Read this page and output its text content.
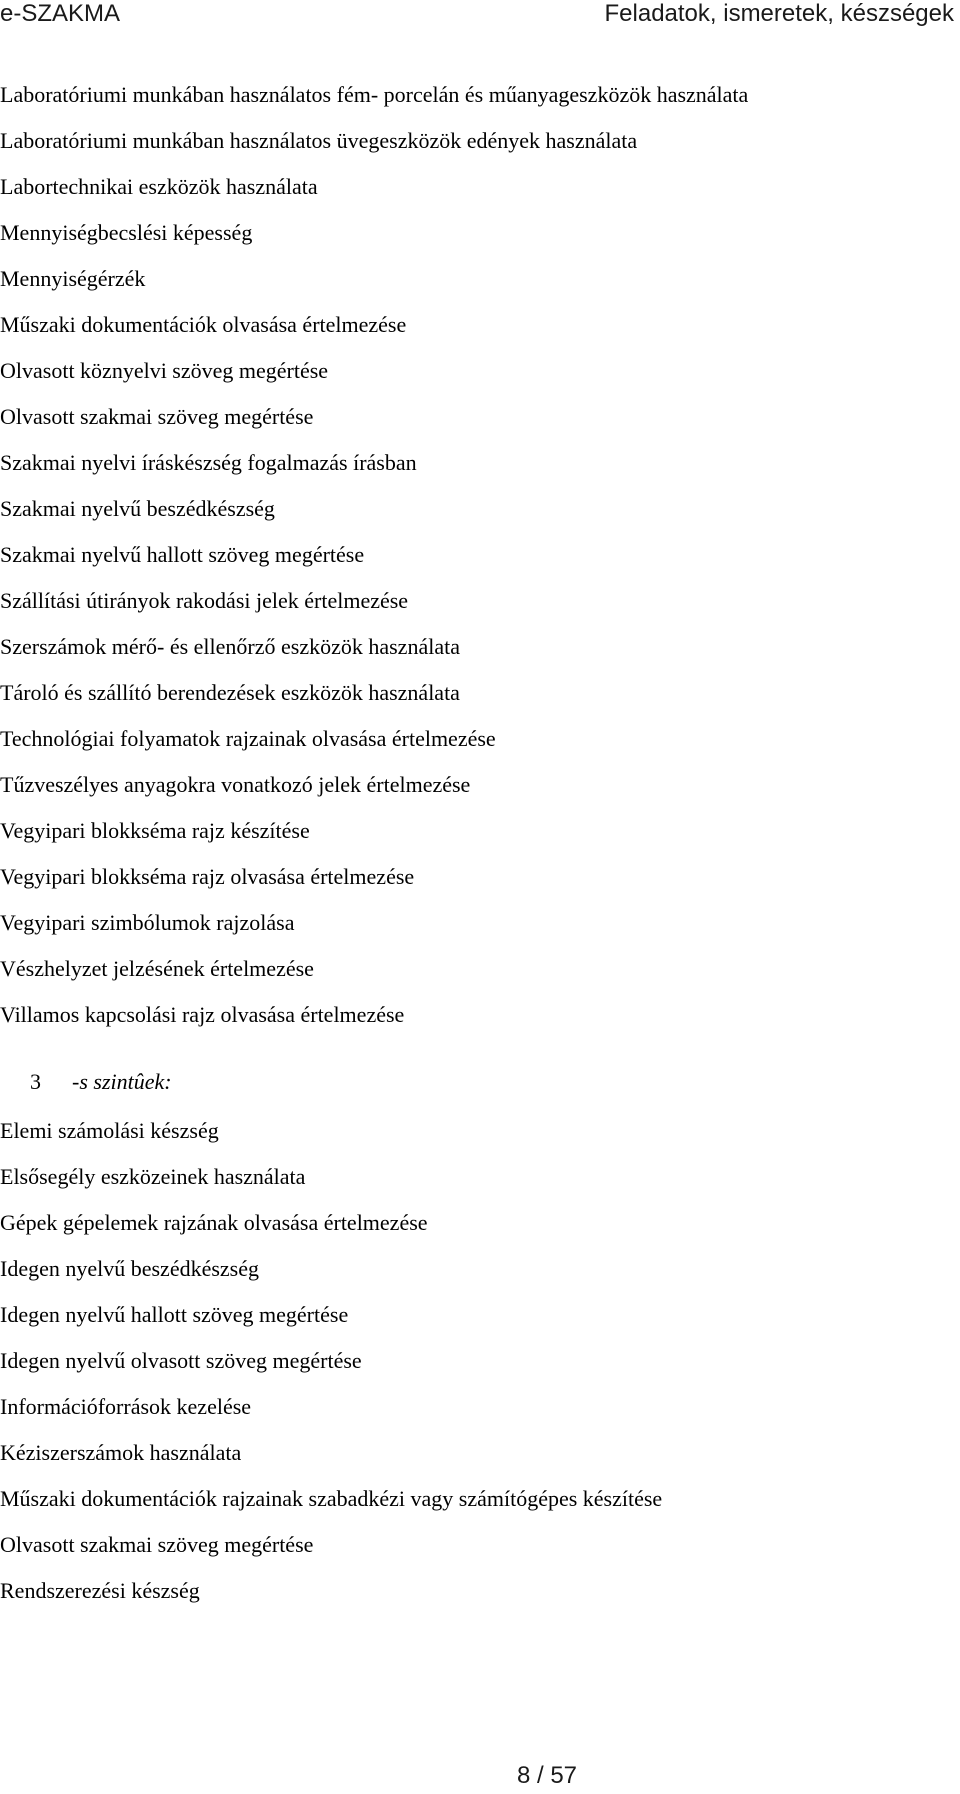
e-SZAKMA	Feladatok, ismeretek, készségek
Laboratóriumi munkában használatos fém- porcelán és műanyageszközök használata
Laboratóriumi munkában használatos üvegeszközök edények használata
Labortechnikai eszközök használata
Mennyiségbecslési képesség
Mennyiségérzék
Műszaki dokumentációk olvasása értelmezése
Olvasott köznyelvi szöveg megértése
Olvasott szakmai szöveg megértése
Szakmai nyelvi íráskészség fogalmazás írásban
Szakmai nyelvű beszédkészség
Szakmai nyelvű hallott szöveg megértése
Szállítási útirányok rakodási jelek értelmezése
Szerszámok mérő- és ellenőrző eszközök használata
Tároló és szállító berendezések eszközök használata
Technológiai folyamatok rajzainak olvasása értelmezése
Tűzveszélyes anyagokra vonatkozó jelek értelmezése
Vegyipari blokkséma rajz készítése
Vegyipari blokkséma rajz olvasása értelmezése
Vegyipari szimbólumok rajzolása
Vészhelyzet jelzésének értelmezése
Villamos kapcsolási rajz olvasása értelmezése
3 -s szintûek:
Elemi számolási készség
Elsősegély eszközeinek használata
Gépek gépelemek rajzának olvasása értelmezése
Idegen nyelvű beszédkészség
Idegen nyelvű hallott szöveg megértése
Idegen nyelvű olvasott szöveg megértése
Információforrások kezelése
Kéziszerszámok használata
Műszaki dokumentációk rajzainak szabadkézi vagy számítógépes készítése
Olvasott szakmai szöveg megértése
Rendszerezési készség
8 / 57
